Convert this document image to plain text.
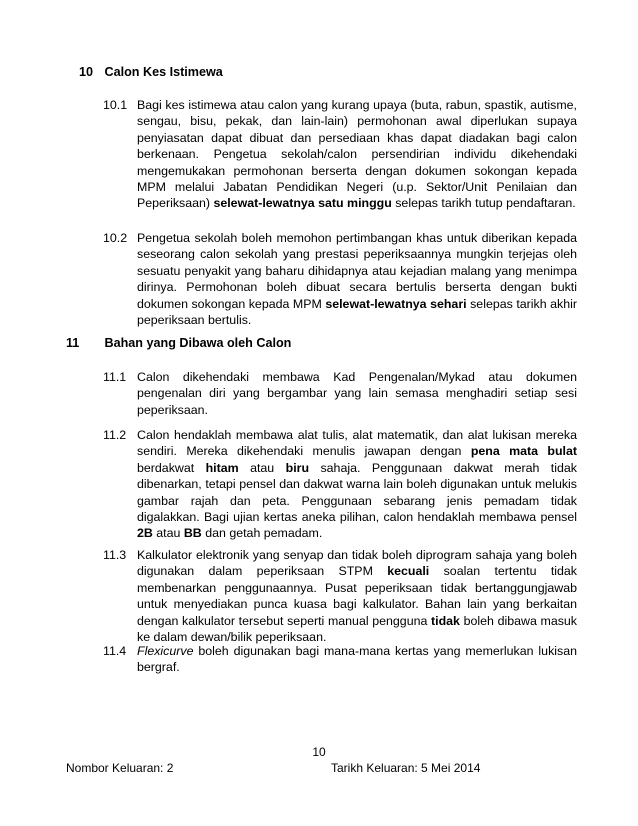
10 Calon Kes Istimewa
10.1 Bagi kes istimewa atau calon yang kurang upaya (buta, rabun, spastik, autisme, sengau, bisu, pekak, dan lain-lain) permohonan awal diperlukan supaya penyiasatan dapat dibuat dan persediaan khas dapat diadakan bagi calon berkenaan. Pengetua sekolah/calon persendirian individu dikehendaki mengemukakan permohonan berserta dengan dokumen sokongan kepada MPM melalui Jabatan Pendidikan Negeri (u.p. Sektor/Unit Penilaian dan Peperiksaan) selewat-lewatnya satu minggu selepas tarikh tutup pendaftaran.
10.2 Pengetua sekolah boleh memohon pertimbangan khas untuk diberikan kepada seseorang calon sekolah yang prestasi peperiksaannya mungkin terjejas oleh sesuatu penyakit yang baharu dihidapnya atau kejadian malang yang menimpa dirinya. Permohonan boleh dibuat secara bertulis berserta dengan bukti dokumen sokongan kepada MPM selewat-lewatnya sehari selepas tarikh akhir peperiksaan bertulis.
11 Bahan yang Dibawa oleh Calon
11.1 Calon dikehendaki membawa Kad Pengenalan/Mykad atau dokumen pengenalan diri yang bergambar yang lain semasa menghadiri setiap sesi peperiksaan.
11.2 Calon hendaklah membawa alat tulis, alat matematik, dan alat lukisan mereka sendiri. Mereka dikehendaki menulis jawapan dengan pena mata bulat berdakwat hitam atau biru sahaja. Penggunaan dakwat merah tidak dibenarkan, tetapi pensel dan dakwat warna lain boleh digunakan untuk melukis gambar rajah dan peta. Penggunaan sebarang jenis pemadam tidak digalakkan. Bagi ujian kertas aneka pilihan, calon hendaklah membawa pensel 2B atau BB dan getah pemadam.
11.3 Kalkulator elektronik yang senyap dan tidak boleh diprogram sahaja yang boleh digunakan dalam peperiksaan STPM kecuali soalan tertentu tidak membenarkan penggunaannya. Pusat peperiksaan tidak bertanggungjawab untuk menyediakan punca kuasa bagi kalkulator. Bahan lain yang berkaitan dengan kalkulator tersebut seperti manual pengguna tidak boleh dibawa masuk ke dalam dewan/bilik peperiksaan.
11.4 Flexicurve boleh digunakan bagi mana-mana kertas yang memerlukan lukisan bergraf.
10
Nombor Keluaran: 2	Tarikh Keluaran: 5 Mei 2014
